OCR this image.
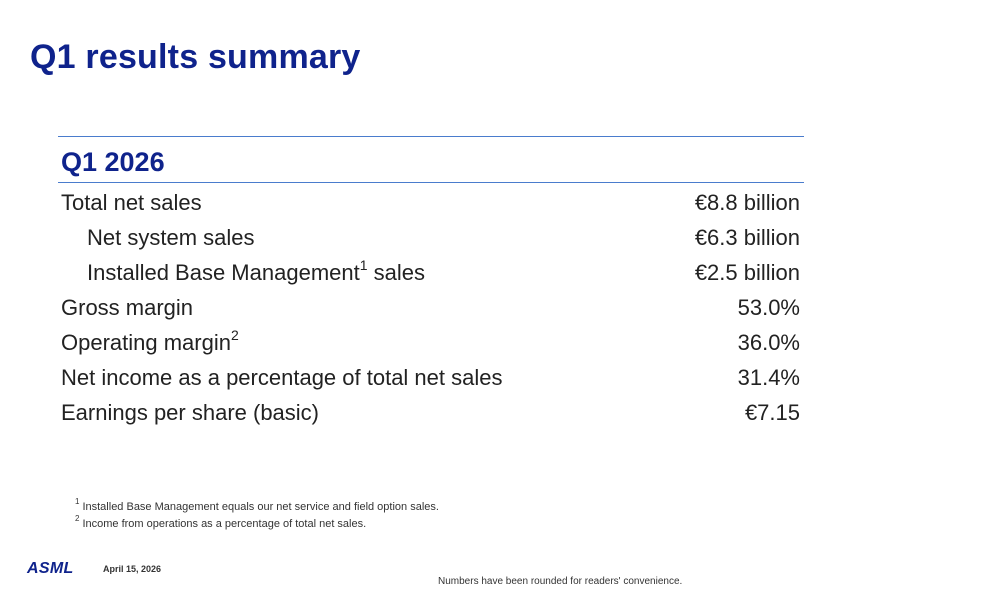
Q1 results summary
Q1 2026
Total net sales	€8.8 billion
Net system sales	€6.3 billion
Installed Base Management$^1$ sales	€2.5 billion
Gross margin	53.0%
Operating margin$^2$	36.0%
Net income as a percentage of total net sales	31.4%
Earnings per share (basic)	€7.15
$^1$ Installed Base Management equals our net service and field option sales.
$^2$ Income from operations as a percentage of total net sales.
ASML	April 15, 2026
Numbers have been rounded for readers' convenience.
